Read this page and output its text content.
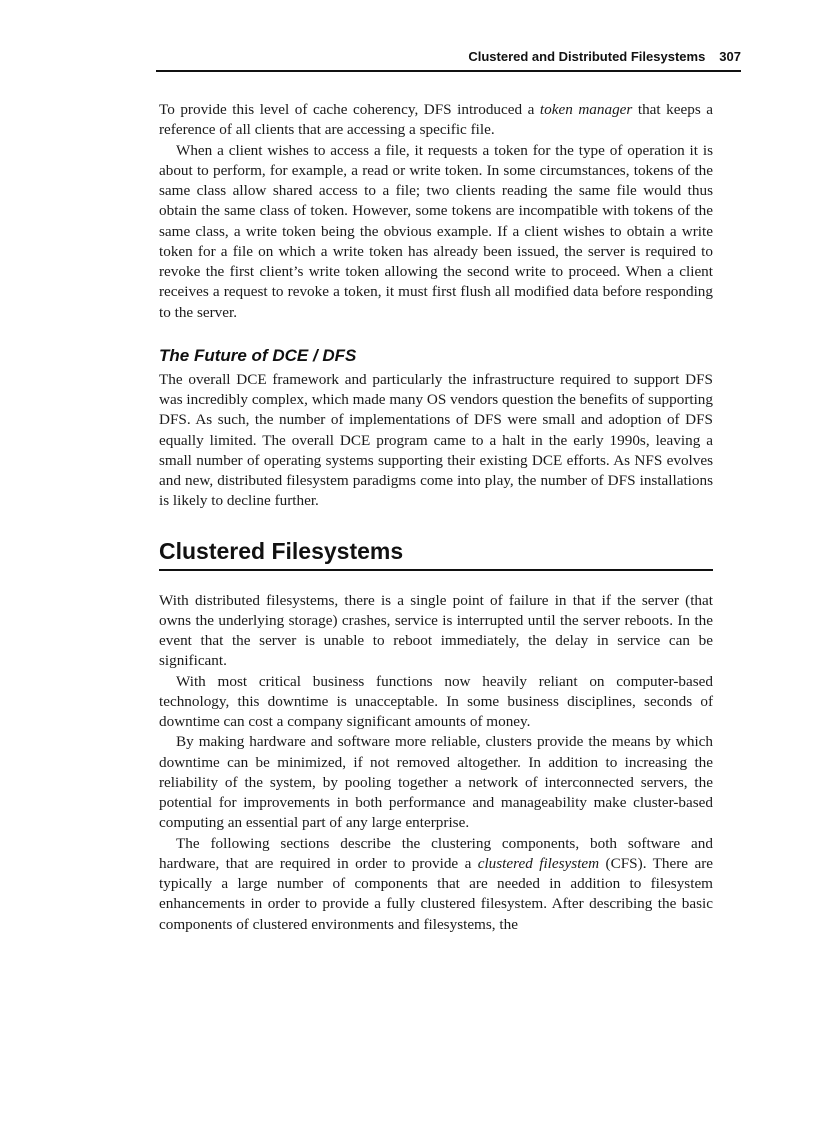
Clustered and Distributed Filesystems 307

To provide this level of cache coherency, DFS introduced a token manager that keeps a reference of all clients that are accessing a specific file.

When a client wishes to access a file, it requests a token for the type of operation it is about to perform, for example, a read or write token. In some circumstances, tokens of the same class allow shared access to a file; two clients reading the same file would thus obtain the same class of token. However, some tokens are incompatible with tokens of the same class, a write token being the obvious example. If a client wishes to obtain a write token for a file on which a write token has already been issued, the server is required to revoke the first client’s write token allowing the second write to proceed. When a client receives a request to revoke a token, it must first flush all modified data before responding to the server.

The Future of DCE / DFS

The overall DCE framework and particularly the infrastructure required to support DFS was incredibly complex, which made many OS vendors question the benefits of supporting DFS. As such, the number of implementations of DFS were small and adoption of DFS equally limited. The overall DCE program came to a halt in the early 1990s, leaving a small number of operating systems supporting their existing DCE efforts. As NFS evolves and new, distributed filesystem paradigms come into play, the number of DFS installations is likely to decline further.

Clustered Filesystems

With distributed filesystems, there is a single point of failure in that if the server (that owns the underlying storage) crashes, service is interrupted until the server reboots. In the event that the server is unable to reboot immediately, the delay in service can be significant.

With most critical business functions now heavily reliant on computer-based technology, this downtime is unacceptable. In some business disciplines, seconds of downtime can cost a company significant amounts of money.

By making hardware and software more reliable, clusters provide the means by which downtime can be minimized, if not removed altogether. In addition to increasing the reliability of the system, by pooling together a network of interconnected servers, the potential for improvements in both performance and manageability make cluster-based computing an essential part of any large enterprise.

The following sections describe the clustering components, both software and hardware, that are required in order to provide a clustered filesystem (CFS). There are typically a large number of components that are needed in addition to filesystem enhancements in order to provide a fully clustered filesystem. After describing the basic components of clustered environments and filesystems, the
